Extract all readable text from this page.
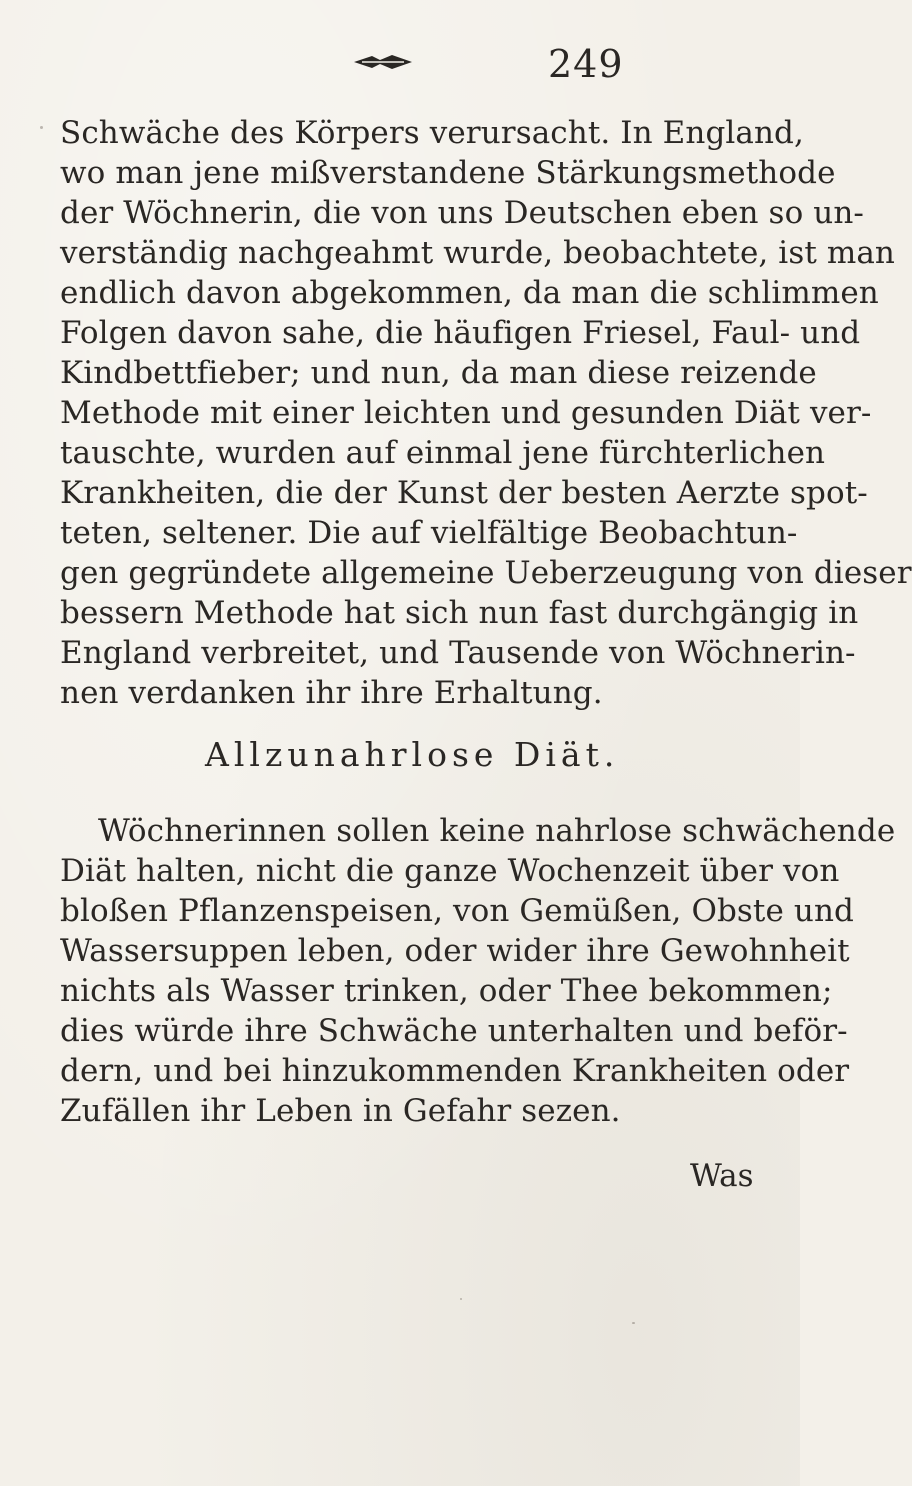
249
Schwäche des Körpers verursacht. In England,
wo man jene mißverstandene Stärkungsmethode
der Wöchnerin, die von uns Deutschen eben so un-
verständig nachgeahmt wurde, beobachtete, ist man
endlich davon abgekommen, da man die schlimmen
Folgen davon sahe, die häufigen Friesel, Faul- und
Kindbettfieber; und nun, da man diese reizende
Methode mit einer leichten und gesunden Diät ver-
tauschte, wurden auf einmal jene fürchterlichen
Krankheiten, die der Kunst der besten Aerzte spot-
teten, seltener. Die auf vielfältige Beobachtun-
gen gegründete allgemeine Ueberzeugung von dieser
bessern Methode hat sich nun fast durchgängig in
England verbreitet, und Tausende von Wöchnerin-
nen verdanken ihr ihre Erhaltung.
Allzunahrlose Diät.
Wöchnerinnen sollen keine nahrlose schwächende
Diät halten, nicht die ganze Wochenzeit über von
bloßen Pflanzenspeisen, von Gemüßen, Obste und
Wassersuppen leben, oder wider ihre Gewohnheit
nichts als Wasser trinken, oder Thee bekommen;
dies würde ihre Schwäche unterhalten und beför-
dern, und bei hinzukommenden Krankheiten oder
Zufällen ihr Leben in Gefahr sezen.
Was
